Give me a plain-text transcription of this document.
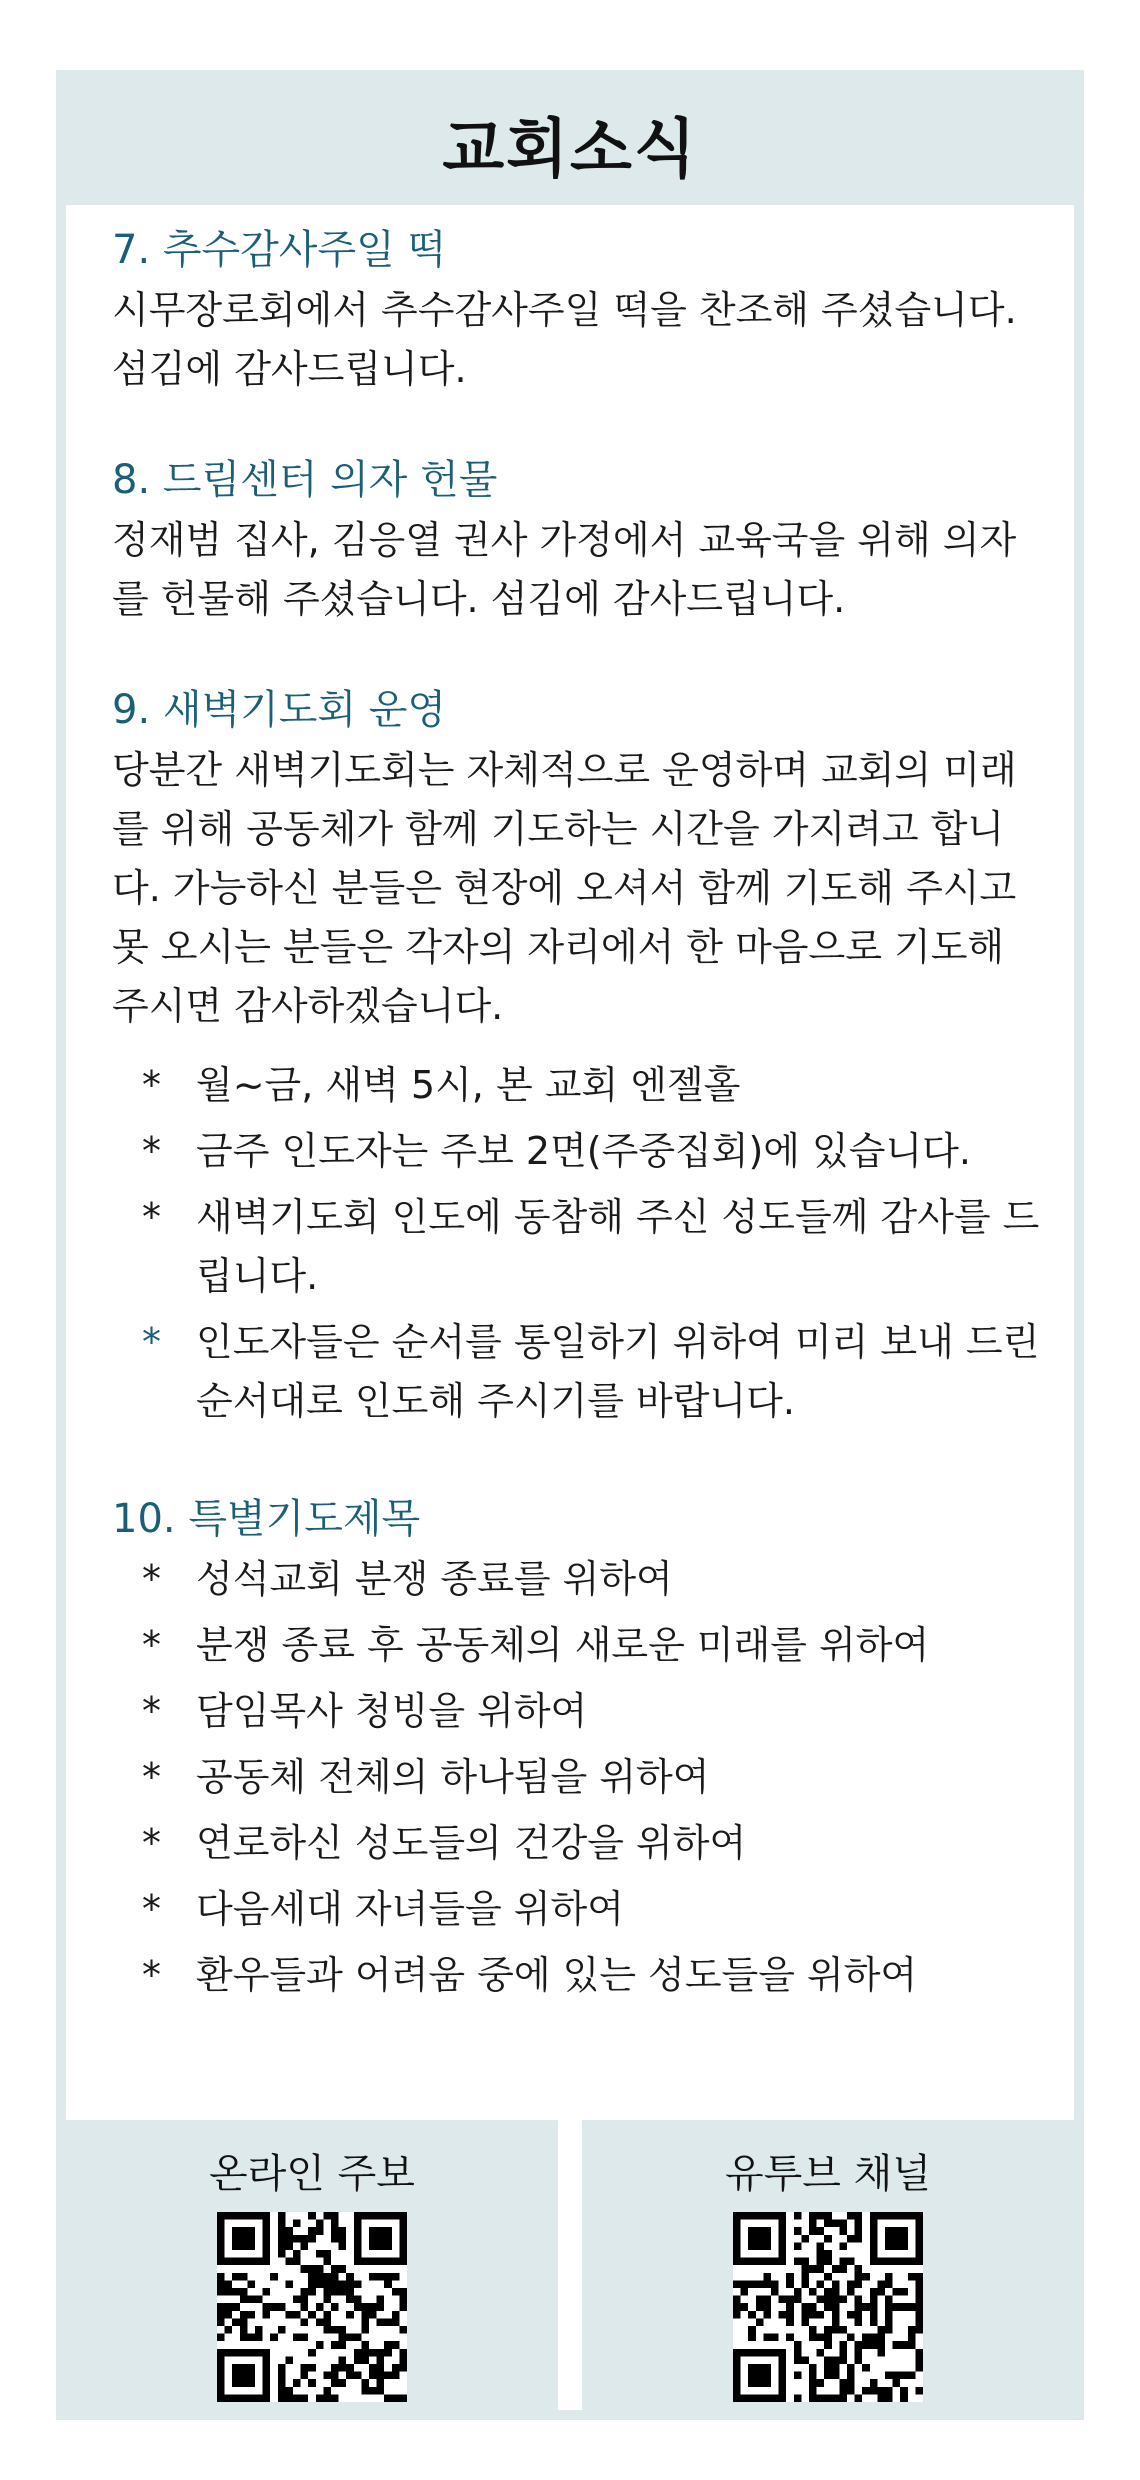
교회소식
7. 추수감사주일 떡

시무장로회에서 추수감사주일 떡을 찬조해 주셨습니다.

섬김에 감사드립니다.

8. 드림센터 의자 헌물

정재범 집사, 김응열 권사 가정에서 교육국을 위해 의자

를 헌물해 주셨습니다. 섬김에 감사드립니다.

9. 새벽기도회 운영

당분간 새벽기도회는 자체적으로 운영하며 교회의 미래

를 위해 공동체가 함께 기도하는 시간을 가지려고 합니

다. 가능하신 분들은 현장에 오셔서 함께 기도해 주시고

못 오시는 분들은 각자의 자리에서 한 마음으로 기도해

주시면 감사하겠습니다.

* 월~금, 새벽 5시, 본 교회 엔젤홀
* 금주 인도자는 주보 2면(주중집회)에 있습니다.
* 새벽기도회 인도에 동참해 주신 성도들께 감사를 드립니다.
* 인도자들은 순서를 통일하기 위하여 미리 보내 드린 순서대로 인도해 주시기를 바랍니다.
10. 특별기도제목
* 성석교회 분쟁 종료를 위하여
* 분쟁 종료 후 공동체의 새로운 미래를 위하여
* 담임목사 청빙을 위하여
* 공동체 전체의 하나됨을 위하여
* 연로하신 성도들의 건강을 위하여
* 다음세대 자녀들을 위하여
* 환우들과 어려움 중에 있는 성도들을 위하여
온라인 주보	유투브 채널
